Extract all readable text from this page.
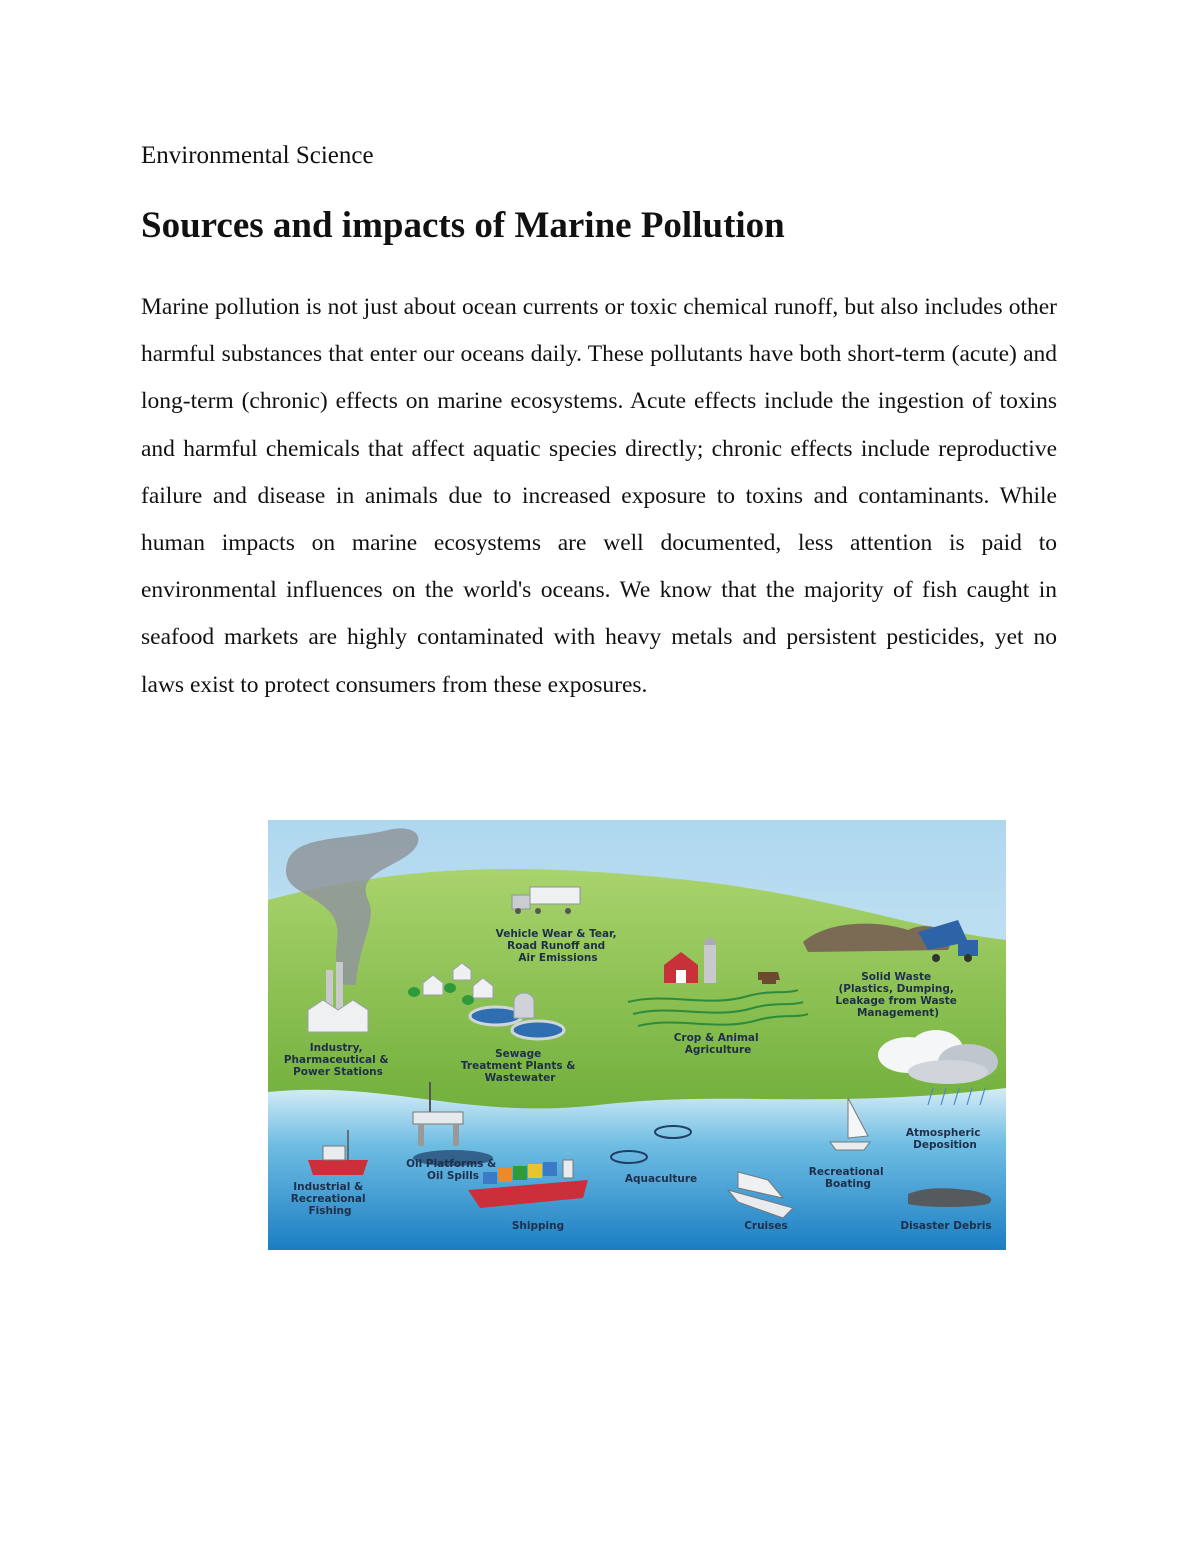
Environmental Science
Sources and impacts of Marine Pollution

Marine pollution is not just about ocean currents or toxic chemical runoff, but also includes other harmful substances that enter our oceans daily. These pollutants have both short-term (acute) and long-term (chronic) effects on marine ecosystems. Acute effects include the ingestion of toxins and harmful chemicals that affect aquatic species directly; chronic effects include reproductive failure and disease in animals due to increased exposure to toxins and contaminants. While human impacts on marine ecosystems are well documented, less attention is paid to environmental influences on the world's oceans. We know that the majority of fish caught in seafood markets are highly contaminated with heavy metals and persistent pesticides, yet no laws exist to protect consumers from these exposures.

Vehicle Wear & Tear, Road Runoff and Air Emissions
Solid Waste (Plastics, Dumping, Leakage from Waste Management)
Industry, Pharmaceutical & Power Stations
Sewage Treatment Plants & Wastewater
Crop & Animal Agriculture
Atmospheric Deposition
Oil Platforms & Oil Spills
Industrial & Recreational Fishing
Aquaculture
Recreational Boating
Shipping	Cruises	Disaster Debris
